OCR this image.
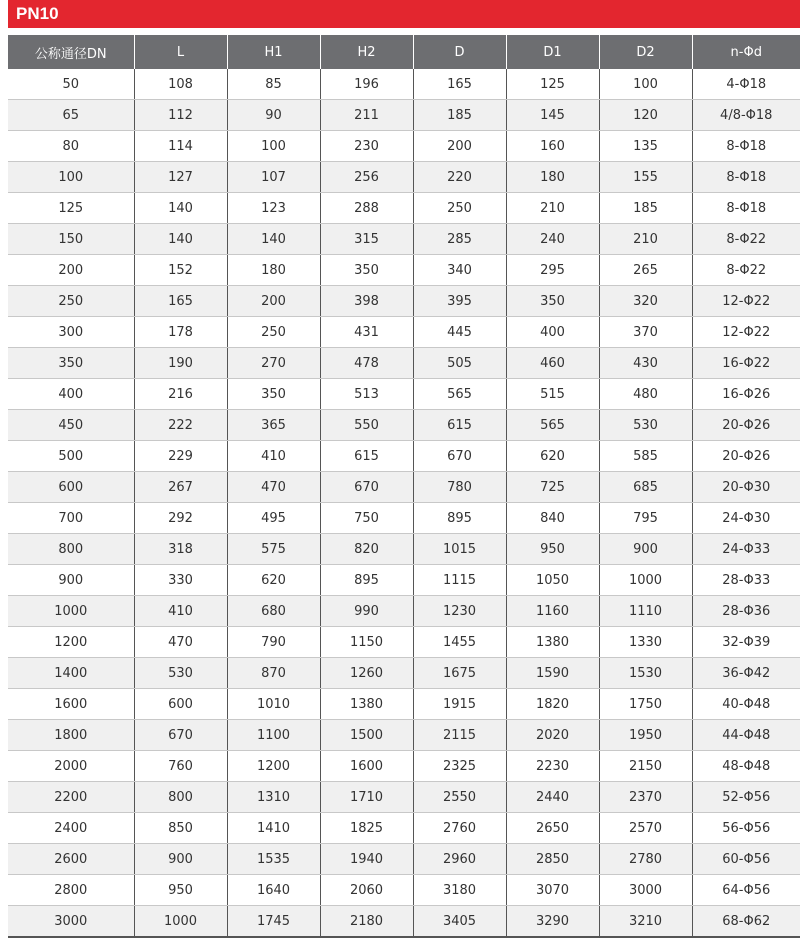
PN10
公称通径DN	L	H1	H2	D	D1	D2	n-Φd
50	108	85	196	165	125	100	4-Φ18
65	112	90	211	185	145	120	4/8-Φ18
80	114	100	230	200	160	135	8-Φ18
100	127	107	256	220	180	155	8-Φ18
125	140	123	288	250	210	185	8-Φ18
150	140	140	315	285	240	210	8-Φ22
200	152	180	350	340	295	265	8-Φ22
250	165	200	398	395	350	320	12-Φ22
300	178	250	431	445	400	370	12-Φ22
350	190	270	478	505	460	430	16-Φ22
400	216	350	513	565	515	480	16-Φ26
450	222	365	550	615	565	530	20-Φ26
500	229	410	615	670	620	585	20-Φ26
600	267	470	670	780	725	685	20-Φ30
700	292	495	750	895	840	795	24-Φ30
800	318	575	820	1015	950	900	24-Φ33
900	330	620	895	1115	1050	1000	28-Φ33
1000	410	680	990	1230	1160	1110	28-Φ36
1200	470	790	1150	1455	1380	1330	32-Φ39
1400	530	870	1260	1675	1590	1530	36-Φ42
1600	600	1010	1380	1915	1820	1750	40-Φ48
1800	670	1100	1500	2115	2020	1950	44-Φ48
2000	760	1200	1600	2325	2230	2150	48-Φ48
2200	800	1310	1710	2550	2440	2370	52-Φ56
2400	850	1410	1825	2760	2650	2570	56-Φ56
2600	900	1535	1940	2960	2850	2780	60-Φ56
2800	950	1640	2060	3180	3070	3000	64-Φ56
3000	1000	1745	2180	3405	3290	3210	68-Φ62
